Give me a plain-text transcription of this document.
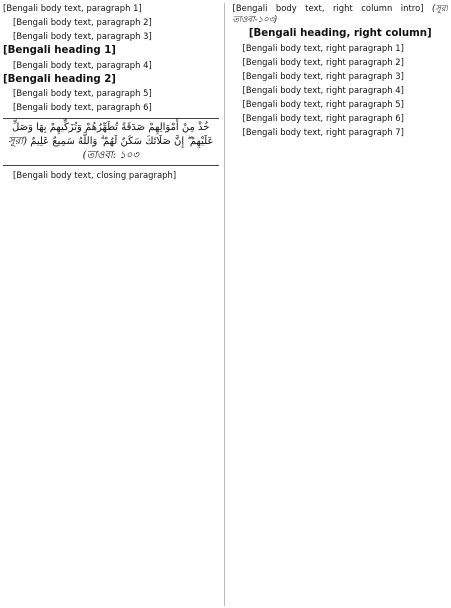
[Bengali body text, paragraph 1]

[Bengali body text, paragraph 2]

[Bengali body text, paragraph 3]

[Bengali heading 1]

[Bengali body text, paragraph 4]

[Bengali heading 2]

[Bengali body text, paragraph 5]

[Bengali body text, paragraph 6]

خُذْ مِنْ أَمْوَالِهِمْ صَدَقَةً تُطَهِّرُهُمْ وَتُزَكِّيهِمْ بِهَا وَصَلِّ عَلَيْهِمْ ۖ إِنَّ صَلَاتَكَ سَكَنٌ لَهُمْ ۗ وَاللَّهُ سَمِيعٌ عَلِيمٌ (সূরা তাওবা: ১০৩)

[Bengali body text, closing paragraph]

[Bengali body text, right column intro] (সূরা তাওবা-১০৩)

[Bengali heading, right column]

[Bengali body text, right paragraph 1]

[Bengali body text, right paragraph 2]

[Bengali body text, right paragraph 3]

[Bengali body text, right paragraph 4]

[Bengali body text, right paragraph 5]

[Bengali body text, right paragraph 6]

[Bengali body text, right paragraph 7]
